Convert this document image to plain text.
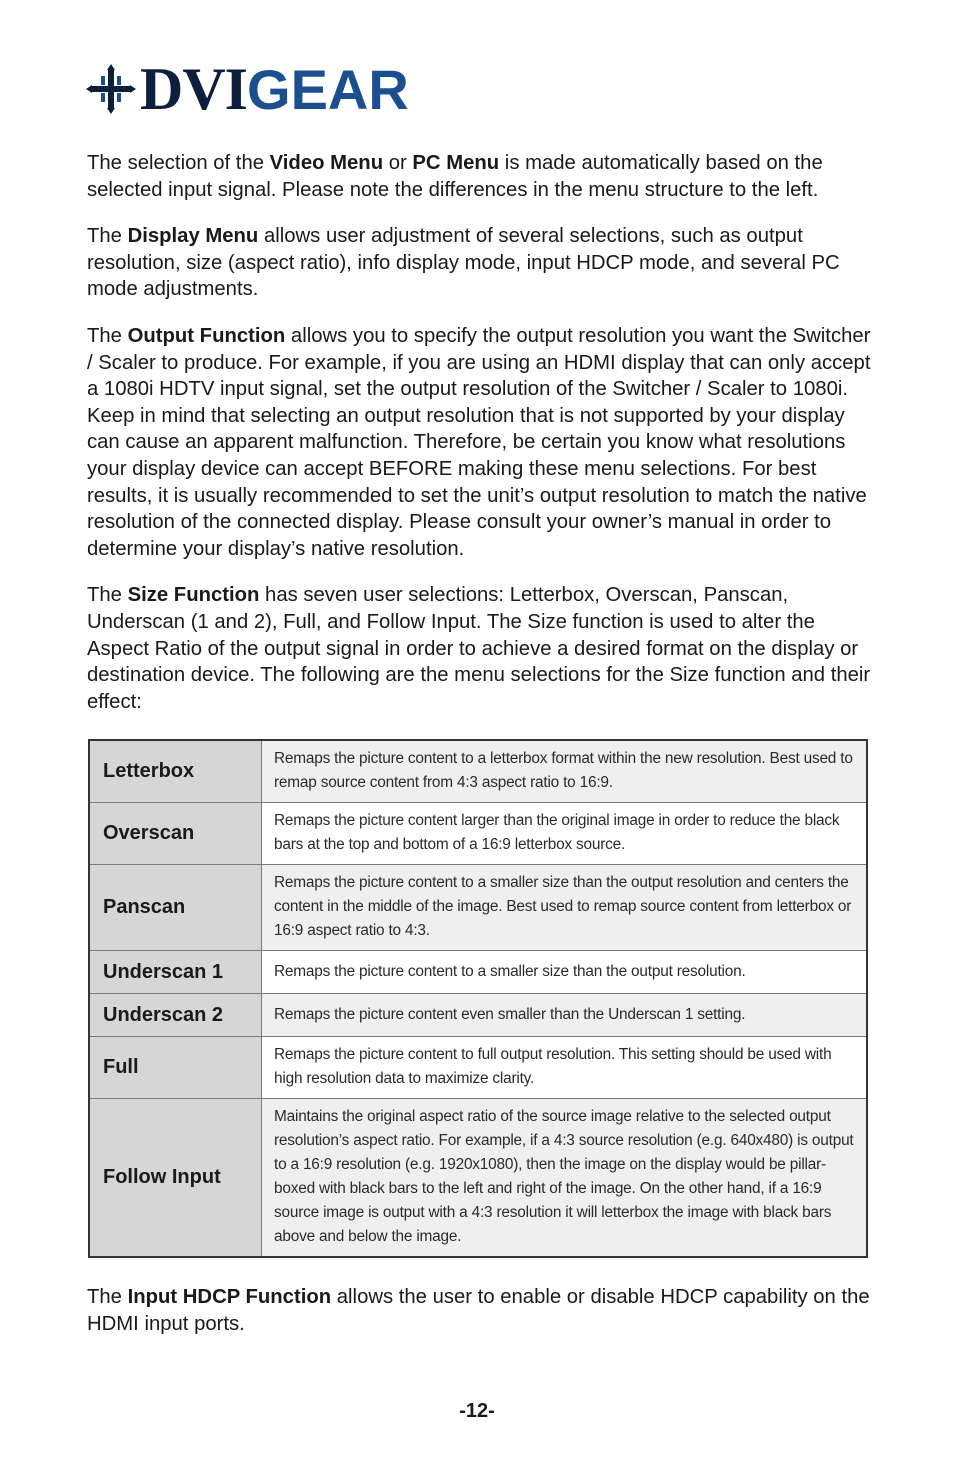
DVI GEAR

The selection of the Video Menu or PC Menu is made automatically based on the selected input signal. Please note the differences in the menu structure to the left.

The Display Menu allows user adjustment of several selections, such as output resolution, size (aspect ratio), info display mode, input HDCP mode, and several PC mode adjustments.

The Output Function allows you to specify the output resolution you want the Switcher / Scaler to produce. For example, if you are using an HDMI display that can only accept a 1080i HDTV input signal, set the output resolution of the Switcher / Scaler to 1080i. Keep in mind that selecting an output resolution that is not supported by your display can cause an apparent malfunction. Therefore, be certain you know what resolutions your display device can accept BEFORE making these menu selections. For best results, it is usually recommended to set the unit’s output resolution to match the native resolution of the connected display. Please consult your owner’s manual in order to determine your display’s native resolution.

The Size Function has seven user selections: Letterbox, Overscan, Panscan, Underscan (1 and 2), Full, and Follow Input. The Size function is used to alter the Aspect Ratio of the output signal in order to achieve a desired format on the display or destination device. The following are the menu selections for the Size function and their effect:

Letterbox	Remaps the picture content to a letterbox format within the new resolution. Best used to remap source content from 4:3 aspect ratio to 16:9.
Overscan	Remaps the picture content larger than the original image in order to reduce the black bars at the top and bottom of a 16:9 letterbox source.
Panscan	Remaps the picture content to a smaller size than the output resolution and centers the content in the middle of the image. Best used to remap source content from letterbox or 16:9 aspect ratio to 4:3.
Underscan 1	Remaps the picture content to a smaller size than the output resolution.
Underscan 2	Remaps the picture content even smaller than the Underscan 1 setting.
Full	Remaps the picture content to full output resolution. This setting should be used with high resolution data to maximize clarity.
Follow Input	Maintains the original aspect ratio of the source image relative to the selected output resolution’s aspect ratio. For example, if a 4:3 source resolution (e.g. 640x480) is output to a 16:9 resolution (e.g. 1920x1080), then the image on the display would be pillar-boxed with black bars to the left and right of the image. On the other hand, if a 16:9 source image is output with a 4:3 resolution it will letterbox the image with black bars above and below the image.

The Input HDCP Function allows the user to enable or disable HDCP capability on the HDMI input ports.

-12-
